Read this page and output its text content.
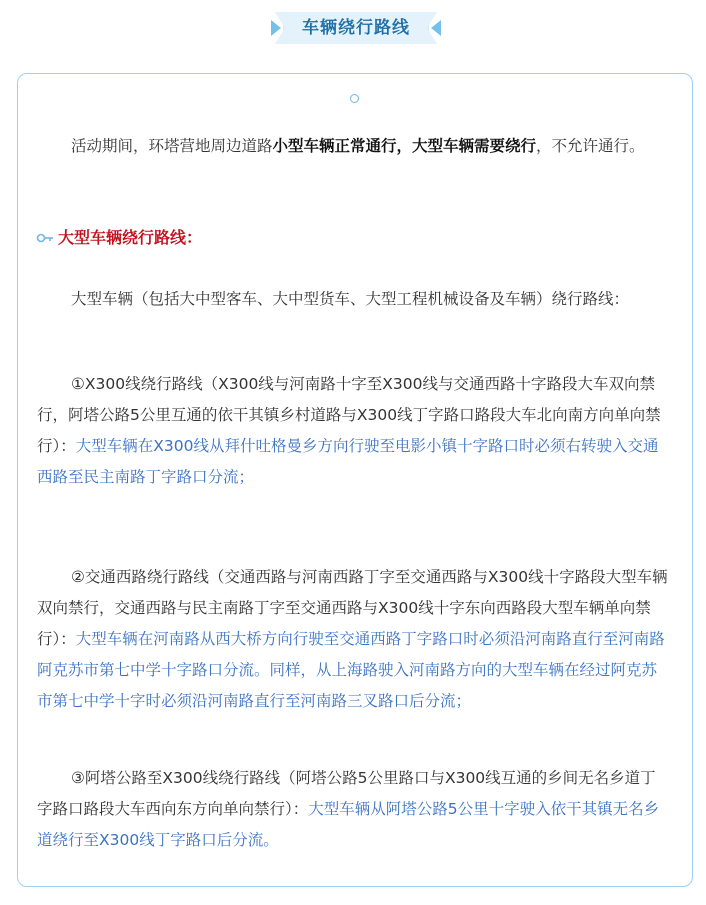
车辆绕行路线

活动期间，环塔营地周边道路小型车辆正常通行，大型车辆需要绕行，不允许通行。

大型车辆绕行路线：

大型车辆（包括大中型客车、大中型货车、大型工程机械设备及车辆）绕行路线：

①X300线绕行路线（X300线与河南路十字至X300线与交通西路十字路段大车双向禁行，阿塔公路5公里互通的依干其镇乡村道路与X300线丁字路口路段大车北向南方向单向禁行）：大型车辆在X300线从拜什吐格曼乡方向行驶至电影小镇十字路口时必须右转驶入交通西路至民主南路丁字路口分流；

②交通西路绕行路线（交通西路与河南西路丁字至交通西路与X300线十字路段大型车辆双向禁行，交通西路与民主南路丁字至交通西路与X300线十字东向西路段大型车辆单向禁行）：大型车辆在河南路从西大桥方向行驶至交通西路丁字路口时必须沿河南路直行至河南路阿克苏市第七中学十字路口分流。同样，从上海路驶入河南路方向的大型车辆在经过阿克苏市第七中学十字时必须沿河南路直行至河南路三叉路口后分流；

③阿塔公路至X300线绕行路线（阿塔公路5公里路口与X300线互通的乡间无名乡道丁字路口路段大车西向东方向单向禁行）：大型车辆从阿塔公路5公里十字驶入依干其镇无名乡道绕行至X300线丁字路口后分流。
